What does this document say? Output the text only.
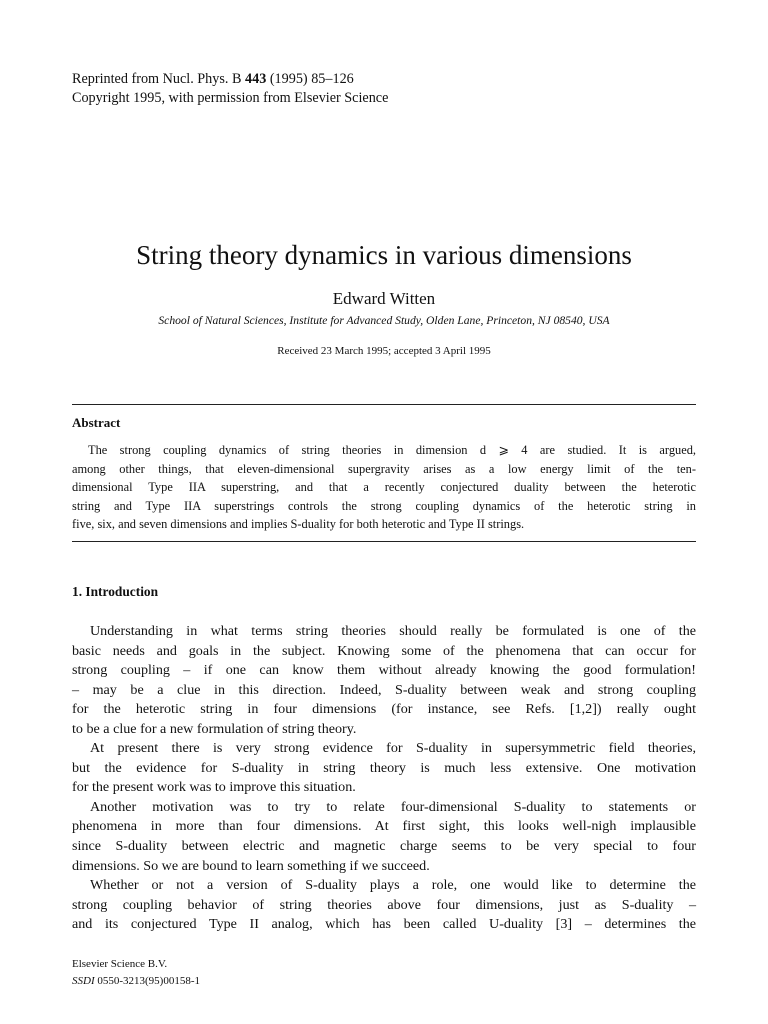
Reprinted from Nucl. Phys. B 443 (1995) 85–126
Copyright 1995, with permission from Elsevier Science
String theory dynamics in various dimensions
Edward Witten
School of Natural Sciences, Institute for Advanced Study, Olden Lane, Princeton, NJ 08540, USA
Received 23 March 1995; accepted 3 April 1995
Abstract
The strong coupling dynamics of string theories in dimension d ⩾ 4 are studied. It is argued,
among other things, that eleven-dimensional supergravity arises as a low energy limit of the ten-
dimensional Type IIA superstring, and that a recently conjectured duality between the heterotic
string and Type IIA superstrings controls the strong coupling dynamics of the heterotic string in
five, six, and seven dimensions and implies S-duality for both heterotic and Type II strings.
1. Introduction
Understanding in what terms string theories should really be formulated is one of the
basic needs and goals in the subject. Knowing some of the phenomena that can occur for
strong coupling – if one can know them without already knowing the good formulation!
– may be a clue in this direction. Indeed, S-duality between weak and strong coupling
for the heterotic string in four dimensions (for instance, see Refs. [1,2]) really ought
to be a clue for a new formulation of string theory.
At present there is very strong evidence for S-duality in supersymmetric field theories,
but the evidence for S-duality in string theory is much less extensive. One motivation
for the present work was to improve this situation.
Another motivation was to try to relate four-dimensional S-duality to statements or
phenomena in more than four dimensions. At first sight, this looks well-nigh implausible
since S-duality between electric and magnetic charge seems to be very special to four
dimensions. So we are bound to learn something if we succeed.
Whether or not a version of S-duality plays a role, one would like to determine the
strong coupling behavior of string theories above four dimensions, just as S-duality –
and its conjectured Type II analog, which has been called U-duality [3] – determines the
Elsevier Science B.V.
SSDI 0550-3213(95)00158-1
